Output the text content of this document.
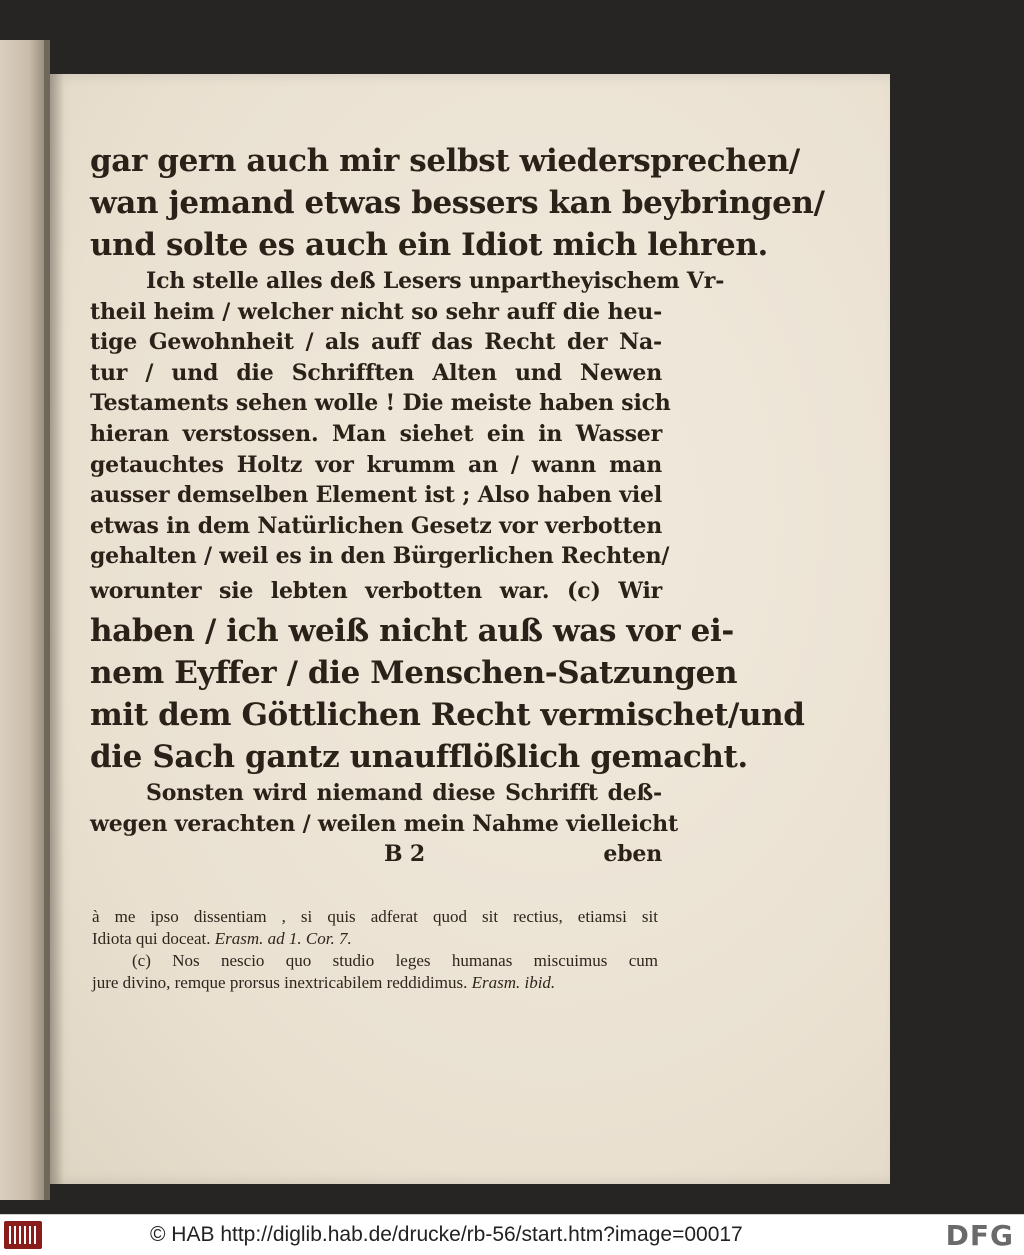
gar gern auch mir selbst wiedersprechen/
wan jemand etwas bessers kan beybringen/
und solte es auch ein Idiot mich lehren.
Ich stelle alles deß Lesers unpartheyischem Vr-
theil heim / welcher nicht so sehr auff die heu-
tige Gewohnheit / als auff das Recht der Na-
tur / und die Schrifften Alten und Newen
Testaments sehen wolle ! Die meiste haben sich
hieran verstossen. Man siehet ein in Wasser
getauchtes Holtz vor krumm an / wann man
ausser demselben Element ist ; Also haben viel
etwas in dem Natürlichen Gesetz vor verbotten
gehalten / weil es in den Bürgerlichen Rechten/
worunter sie lebten verbotten war. (c) Wir
haben / ich weiß nicht auß was vor ei-
nem Eyffer / die Menschen-Satzungen
mit dem Göttlichen Recht vermischet/und
die Sach gantz unaufflößlich gemacht.
Sonsten wird niemand diese Schrifft deß-
wegen verachten / weilen mein Nahme vielleicht
B 2	eben
à me ipso dissentiam , si quis adferat quod sit rectius, etiamsi sit
Idiota qui doceat. Erasm. ad 1. Cor. 7.
(c) Nos nescio quo studio leges humanas miscuimus cum
jure divino, remque prorsus inextricabilem reddidimus. Erasm. ibid.
© HAB http://diglib.hab.de/drucke/rb-56/start.htm?image=00017	DFG
